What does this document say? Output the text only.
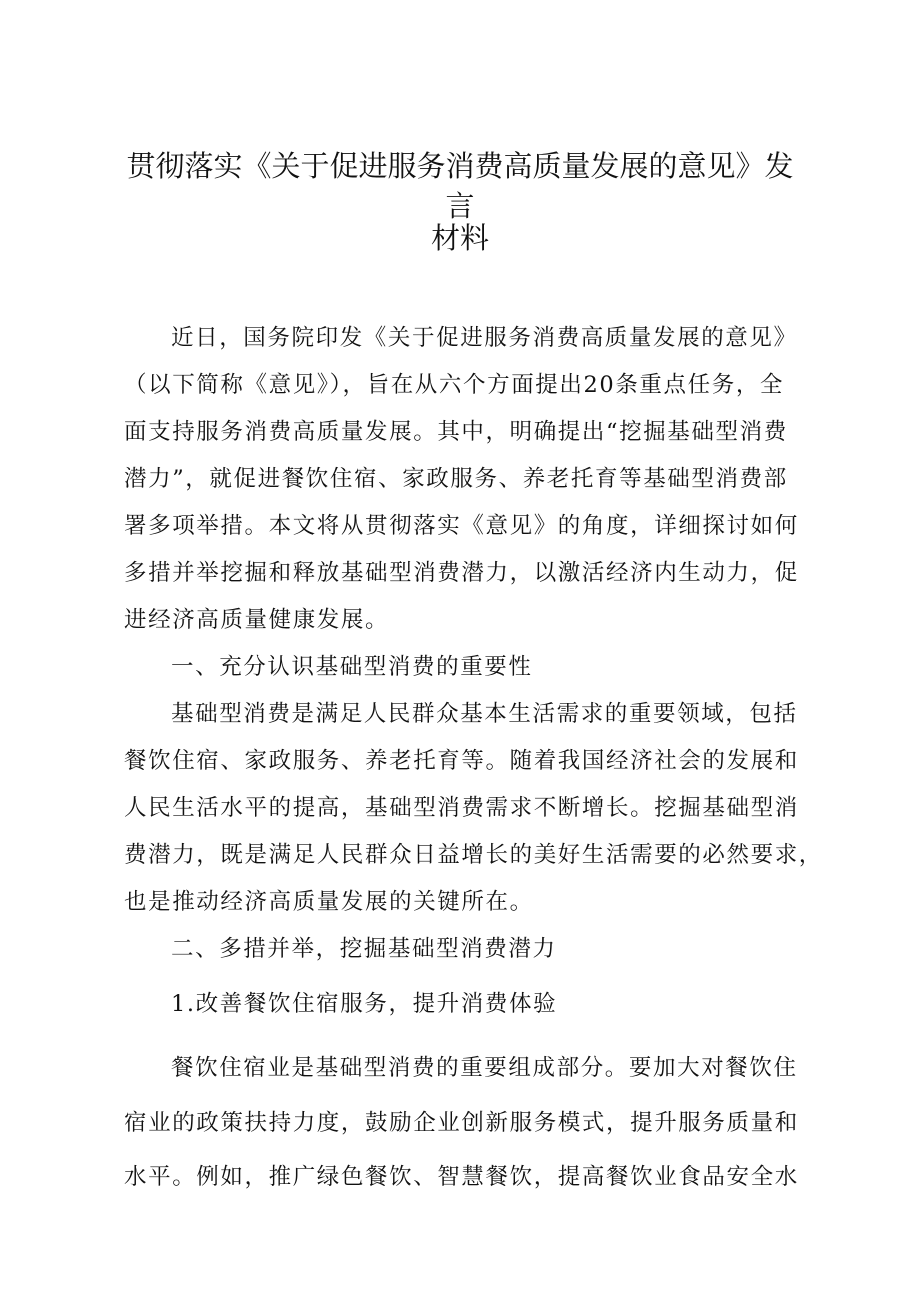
贯彻落实《关于促进服务消费高质量发展的意见》发言
材料
近日，国务院印发《关于促进服务消费高质量发展的意见》
（以下简称《意见》），旨在从六个方面提出20条重点任务，全
面支持服务消费高质量发展。其中，明确提出“挖掘基础型消费
潜力”，就促进餐饮住宿、家政服务、养老托育等基础型消费部
署多项举措。本文将从贯彻落实《意见》的角度，详细探讨如何
多措并举挖掘和释放基础型消费潜力，以激活经济内生动力，促
进经济高质量健康发展。
一、充分认识基础型消费的重要性
基础型消费是满足人民群众基本生活需求的重要领域，包括
餐饮住宿、家政服务、养老托育等。随着我国经济社会的发展和
人民生活水平的提高，基础型消费需求不断增长。挖掘基础型消
费潜力，既是满足人民群众日益增长的美好生活需要的必然要求，
也是推动经济高质量发展的关键所在。
二、多措并举，挖掘基础型消费潜力
1.改善餐饮住宿服务，提升消费体验
餐饮住宿业是基础型消费的重要组成部分。要加大对餐饮住
宿业的政策扶持力度，鼓励企业创新服务模式，提升服务质量和
水平。例如，推广绿色餐饮、智慧餐饮，提高餐饮业食品安全水
